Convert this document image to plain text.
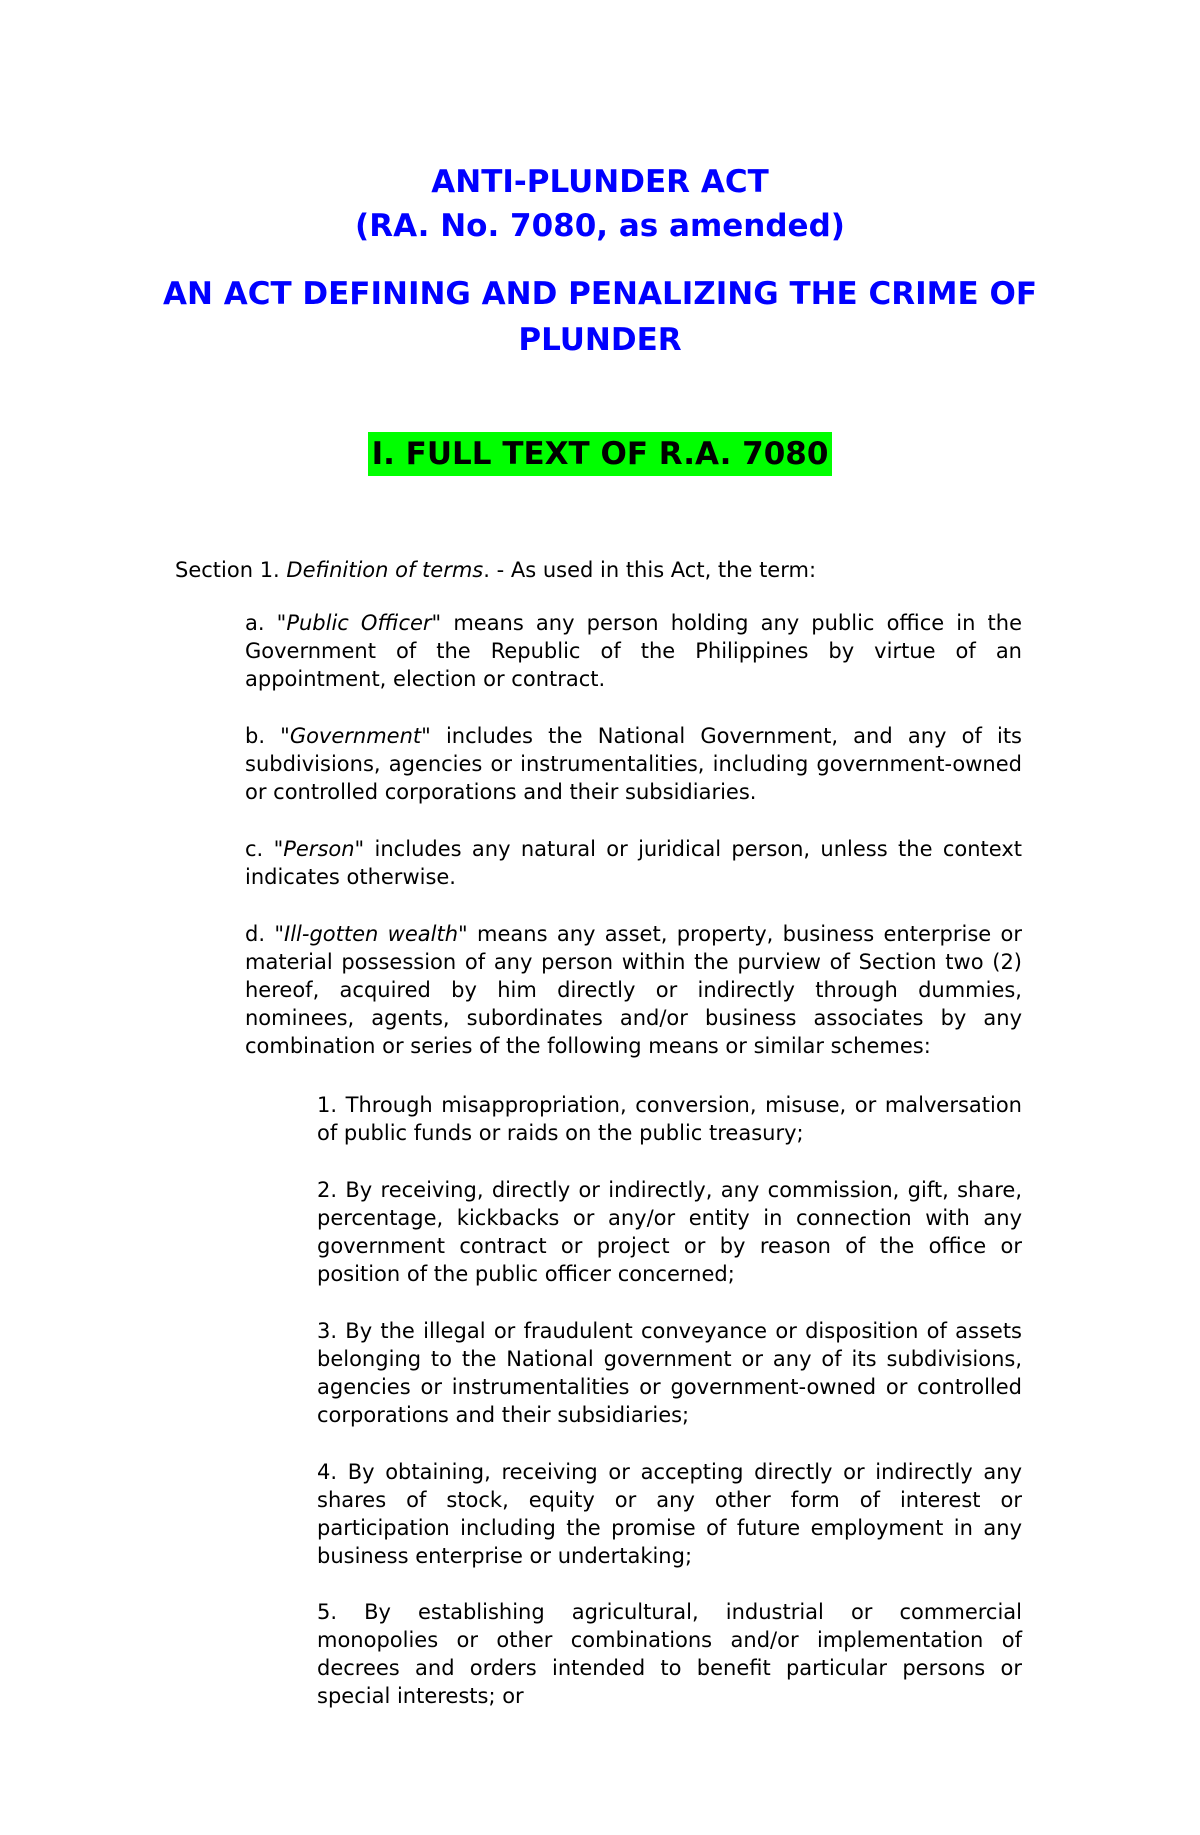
ANTI-PLUNDER ACT
(RA. No. 7080, as amended)
AN ACT DEFINING AND PENALIZING THE CRIME OF
PLUNDER
I. FULL TEXT OF R.A. 7080

Section 1. Definition of terms. - As used in this Act, the term:

a. "Public Officer" means any person holding any public office in the Government of the Republic of the Philippines by virtue of an appointment, election or contract.

b. "Government" includes the National Government, and any of its subdivisions, agencies or instrumentalities, including government-owned or controlled corporations and their subsidiaries.

c. "Person" includes any natural or juridical person, unless the context indicates otherwise.

d. "Ill-gotten wealth" means any asset, property, business enterprise or material possession of any person within the purview of Section two (2) hereof, acquired by him directly or indirectly through dummies, nominees, agents, subordinates and/or business associates by any combination or series of the following means or similar schemes:

1. Through misappropriation, conversion, misuse, or malversation of public funds or raids on the public treasury;

2. By receiving, directly or indirectly, any commission, gift, share, percentage, kickbacks or any/or entity in connection with any government contract or project or by reason of the office or position of the public officer concerned;

3. By the illegal or fraudulent conveyance or disposition of assets belonging to the National government or any of its subdivisions, agencies or instrumentalities or government-owned or controlled corporations and their subsidiaries;

4. By obtaining, receiving or accepting directly or indirectly any shares of stock, equity or any other form of interest or participation including the promise of future employment in any business enterprise or undertaking;

5. By establishing agricultural, industrial or commercial monopolies or other combinations and/or implementation of decrees and orders intended to benefit particular persons or special interests; or
